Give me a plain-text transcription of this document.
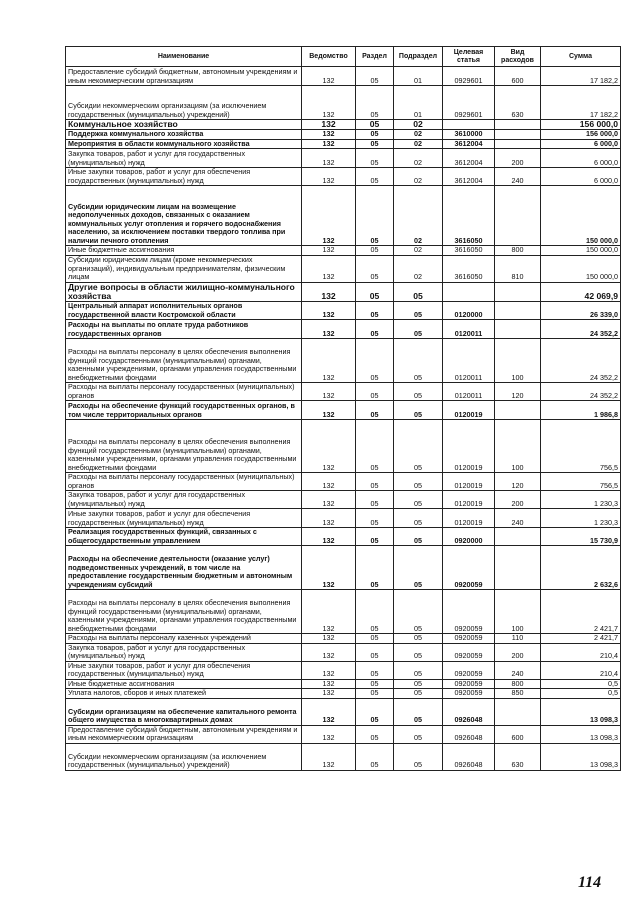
Наименование	Ведомство	Раздел	Подраздел	Целевая статья	Вид расходов	Сумма
Предоставление субсидий бюджетным, автономным учреждениям и иным некоммерческим организациям	132	05	01	0929601	600	17 182,2
Субсидии некоммерческим организациям (за исключением государственных (муниципальных) учреждений)	132	05	01	0929601	630	17 182,2
Коммунальное хозяйство	132	05	02			156 000,0
Поддержка коммунального хозяйства	132	05	02	3610000		156 000,0
Мероприятия в области коммунального хозяйства	132	05	02	3612004		6 000,0
Закупка товаров, работ и услуг для государственных (муниципальных) нужд	132	05	02	3612004	200	6 000,0
Иные закупки товаров, работ и услуг для обеспечения государственных (муниципальных) нужд	132	05	02	3612004	240	6 000,0
Субсидии юридическим лицам на возмещение недополученных доходов, связанных с оказанием коммунальных услуг отопления и горячего водоснабжения населению, за исключением поставки твердого топлива при наличии печного отопления	132	05	02	3616050		150 000,0
Иные бюджетные ассигнования	132	05	02	3616050	800	150 000,0
Субсидии юридическим лицам (кроме некоммерческих организаций), индивидуальным предпринимателям, физическим лицам	132	05	02	3616050	810	150 000,0
Другие вопросы в области жилищно-коммунального хозяйства	132	05	05			42 069,9
Центральный аппарат исполнительных органов государственной власти Костромской области	132	05	05	0120000		26 339,0
Расходы на выплаты по оплате труда работников государственных органов	132	05	05	0120011		24 352,2
Расходы на выплаты персоналу в целях обеспечения выполнения функций государственными (муниципальными) органами, казенными учреждениями, органами управления государственными внебюджетными фондами	132	05	05	0120011	100	24 352,2
Расходы на выплаты персоналу государственных (муниципальных) органов	132	05	05	0120011	120	24 352,2
Расходы на обеспечение функций государственных органов, в том числе территориальных органов	132	05	05	0120019		1 986,8
Расходы на выплаты персоналу в целях обеспечения выполнения функций государственными (муниципальными) органами, казенными учреждениями, органами управления государственными внебюджетными фондами	132	05	05	0120019	100	756,5
Расходы на выплаты персоналу государственных (муниципальных) органов	132	05	05	0120019	120	756,5
Закупка товаров, работ и услуг для государственных (муниципальных) нужд	132	05	05	0120019	200	1 230,3
Иные закупки товаров, работ и услуг для обеспечения государственных (муниципальных) нужд	132	05	05	0120019	240	1 230,3
Реализация государственных функций, связанных с общегосударственным управлением	132	05	05	0920000		15 730,9
Расходы на обеспечение деятельности (оказание услуг) подведомственных учреждений, в том числе на предоставление государственным бюджетным и автономным учреждениям субсидий	132	05	05	0920059		2 632,6
Расходы на выплаты персоналу в целях обеспечения выполнения функций государственными (муниципальными) органами, казенными учреждениями, органами управления государственными внебюджетными фондами	132	05	05	0920059	100	2 421,7
Расходы на выплаты персоналу казенных учреждений	132	05	05	0920059	110	2 421,7
Закупка товаров, работ и услуг для государственных (муниципальных) нужд	132	05	05	0920059	200	210,4
Иные закупки товаров, работ и услуг для обеспечения государственных (муниципальных) нужд	132	05	05	0920059	240	210,4
Иные бюджетные ассигнования	132	05	05	0920059	800	0,5
Уплата налогов, сборов и иных платежей	132	05	05	0920059	850	0,5
Субсидии организациям на обеспечение капитального ремонта общего имущества в многоквартирных домах	132	05	05	0926048		13 098,3
Предоставление субсидий бюджетным, автономным учреждениям и иным некоммерческим организациям	132	05	05	0926048	600	13 098,3
Субсидии некоммерческим организациям (за исключением государственных (муниципальных) учреждений)	132	05	05	0926048	630	13 098,3
114
